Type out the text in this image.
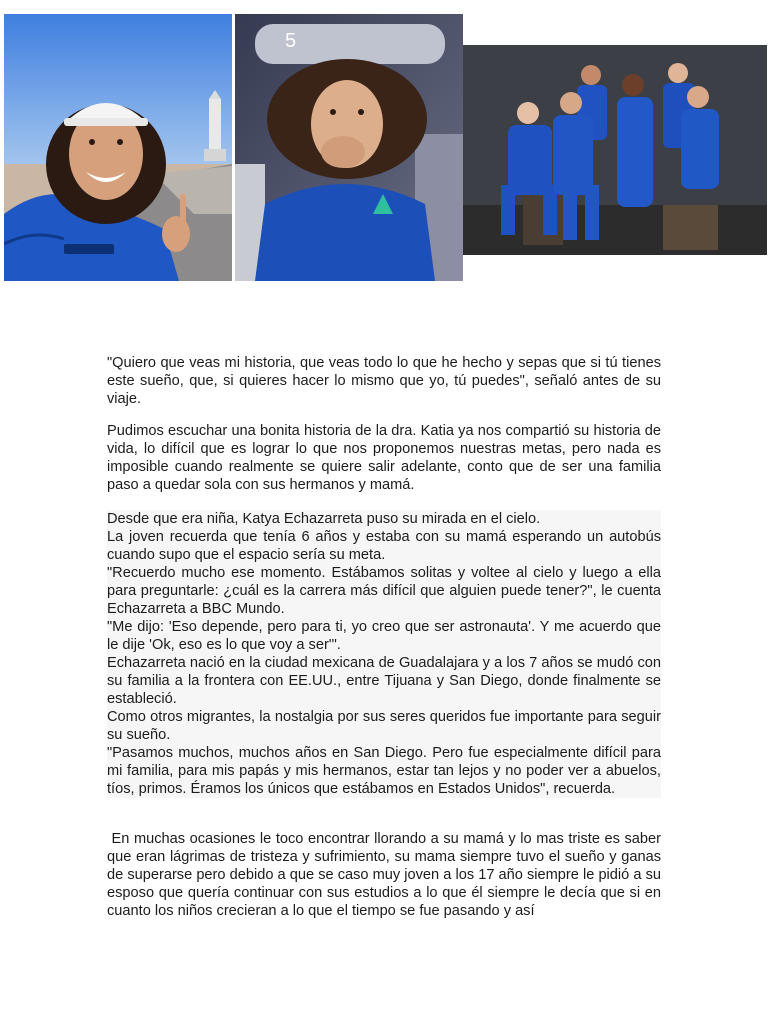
5

"Quiero que veas mi historia, que veas todo lo que he hecho y sepas que si tú tienes este sueño, que, si quieres hacer lo mismo que yo, tú puedes", señaló antes de su viaje.

Pudimos escuchar una bonita historia de la dra. Katia ya nos compartió su historia de vida, lo difícil que es lograr lo que nos proponemos nuestras metas, pero nada es imposible cuando realmente se quiere salir adelante, conto que de ser una familia paso a quedar sola con sus hermanos y mamá.

Desde que era niña, Katya Echazarreta puso su mirada en el cielo.

La joven recuerda que tenía 6 años y estaba con su mamá esperando un autobús cuando supo que el espacio sería su meta.

"Recuerdo mucho ese momento. Estábamos solitas y voltee al cielo y luego a ella para preguntarle: ¿cuál es la carrera más difícil que alguien puede tener?", le cuenta Echazarreta a BBC Mundo.

"Me dijo: 'Eso depende, pero para ti, yo creo que ser astronauta'. Y me acuerdo que le dije 'Ok, eso es lo que voy a ser'".

Echazarreta nació en la ciudad mexicana de Guadalajara y a los 7 años se mudó con su familia a la frontera con EE.UU., entre Tijuana y San Diego, donde finalmente se estableció.

Como otros migrantes, la nostalgia por sus seres queridos fue importante para seguir su sueño.

"Pasamos muchos, muchos años en San Diego. Pero fue especialmente difícil para mi familia, para mis papás y mis hermanos, estar tan lejos y no poder ver a abuelos, tíos, primos. Éramos los únicos que estábamos en Estados Unidos", recuerda.

En muchas ocasiones le toco encontrar llorando a su mamá y lo mas triste es saber que eran lágrimas de tristeza y sufrimiento, su mama siempre tuvo el sueño y ganas de superarse pero debido a que se caso muy joven a los 17 año siempre le pidió a su esposo que quería continuar con sus estudios a lo que él siempre le decía que si en cuanto los niños crecieran a lo que el tiempo se fue pasando y así
